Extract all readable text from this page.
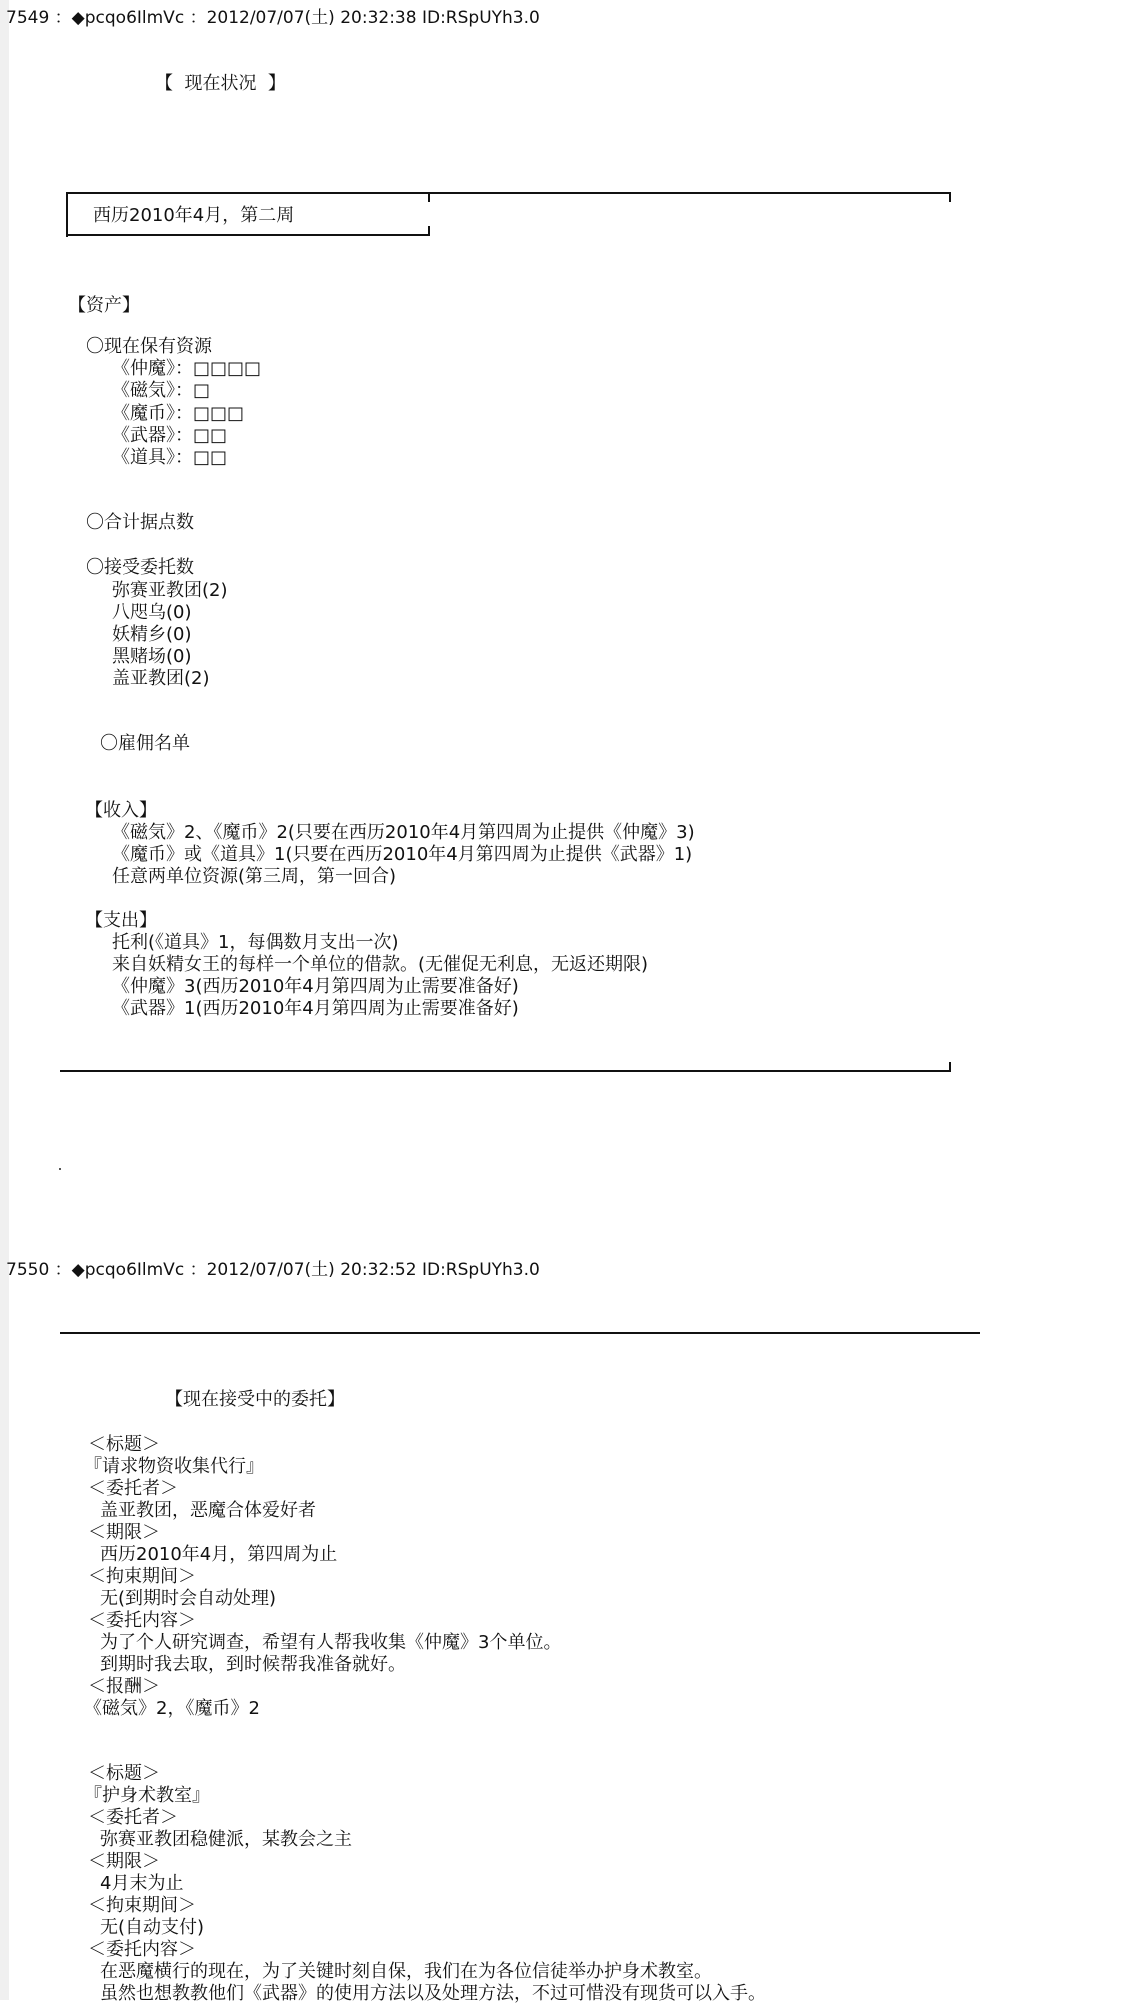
7549 ：◆pcqo6IlmVc ：2012/07/07(土) 20:32:38 ID:RSpUYh3.0

【  现在状况  】

西历2010年4月，第二周

【资产】

〇现在保有资源

《仲魔》：□□□□

《磁気》：□

《魔币》：□□□

《武器》：□□

《道具》：□□

〇合计据点数

〇接受委托数

弥赛亚教团(2)

八咫乌(0)

妖精乡(0)

黑赌场(0)

盖亚教团(2)

〇雇佣名单

【收入】

《磁気》2、《魔币》2(只要在西历2010年4月第四周为止提供《仲魔》3)

《魔币》或《道具》1(只要在西历2010年4月第四周为止提供《武器》1)

任意两单位资源(第三周，第一回合)

【支出】

托利(《道具》1，每偶数月支出一次)

来自妖精女王的每样一个单位的借款。(无催促无利息，无返还期限)

《仲魔》3(西历2010年4月第四周为止需要准备好)

《武器》1(西历2010年4月第四周为止需要准备好)

7550 ：◆pcqo6IlmVc ：2012/07/07(土) 20:32:52 ID:RSpUYh3.0

【现在接受中的委托】

＜标题＞

『请求物资收集代行』

＜委托者＞

盖亚教团，恶魔合体爱好者

＜期限＞

西历2010年4月，第四周为止

＜拘束期间＞

无(到期时会自动处理)

＜委托内容＞

为了个人研究调查，希望有人帮我收集《仲魔》3个单位。

到期时我去取，到时候帮我准备就好。

＜报酬＞

《磁気》2，《魔币》2

＜标题＞

『护身术教室』

＜委托者＞

弥赛亚教团稳健派，某教会之主

＜期限＞

4月末为止

＜拘束期间＞

无(自动支付)

＜委托内容＞

在恶魔横行的现在，为了关键时刻自保，我们在为各位信徒举办护身术教室。

虽然也想教教他们《武器》的使用方法以及处理方法，不过可惜没有现货可以入手。
